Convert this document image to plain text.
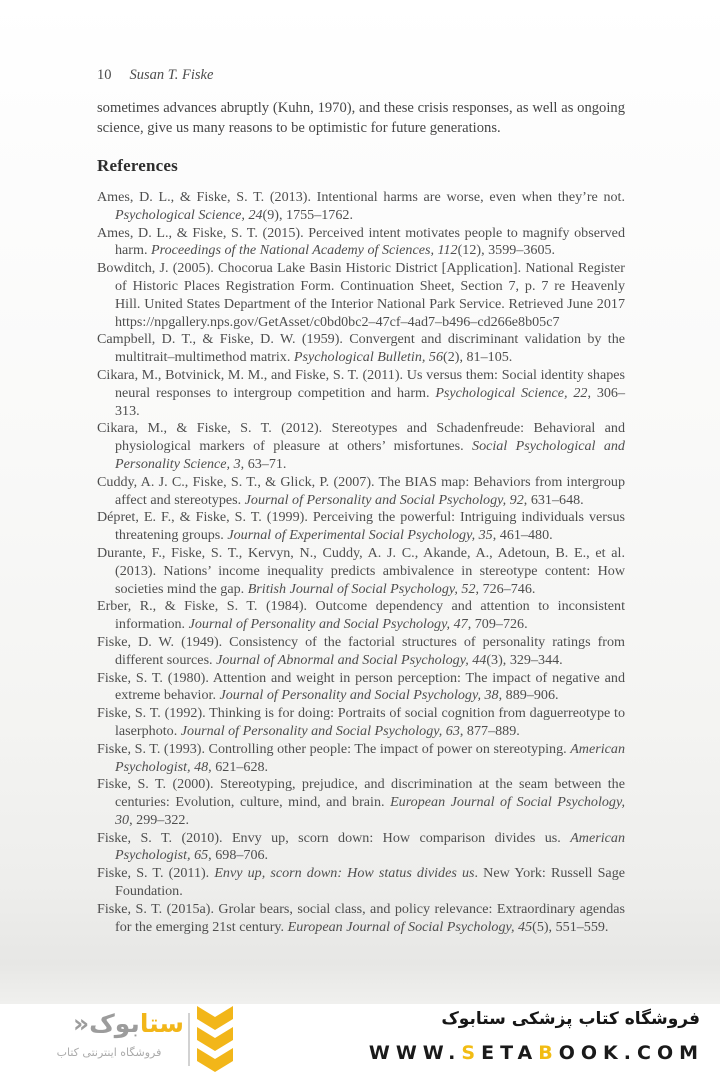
10 Susan T. Fiske

sometimes advances abruptly (Kuhn, 1970), and these crisis responses, as well as ongoing science, give us many reasons to be optimistic for future generations.

References

Ames, D. L., & Fiske, S. T. (2013). Intentional harms are worse, even when they’re not. Psychological Science, 24(9), 1755–1762.

Ames, D. L., & Fiske, S. T. (2015). Perceived intent motivates people to magnify observed harm. Proceedings of the National Academy of Sciences, 112(12), 3599–3605.

Bowditch, J. (2005). Chocorua Lake Basin Historic District [Application]. National Register of Historic Places Registration Form. Continuation Sheet, Section 7, p. 7 re Heavenly Hill. United States Department of the Interior National Park Service. Retrieved June 2017 https://npgallery.nps.gov/GetAsset/c0bd0bc2–47cf–4ad7–b496–cd266e8b05c7

Campbell, D. T., & Fiske, D. W. (1959). Convergent and discriminant validation by the multitrait–multimethod matrix. Psychological Bulletin, 56(2), 81–105.

Cikara, M., Botvinick, M. M., and Fiske, S. T. (2011). Us versus them: Social identity shapes neural responses to intergroup competition and harm. Psychological Science, 22, 306–313.

Cikara, M., & Fiske, S. T. (2012). Stereotypes and Schadenfreude: Behavioral and physiological markers of pleasure at others’ misfortunes. Social Psychological and Personality Science, 3, 63–71.

Cuddy, A. J. C., Fiske, S. T., & Glick, P. (2007). The BIAS map: Behaviors from intergroup affect and stereotypes. Journal of Personality and Social Psychology, 92, 631–648.

Dépret, E. F., & Fiske, S. T. (1999). Perceiving the powerful: Intriguing individuals versus threatening groups. Journal of Experimental Social Psychology, 35, 461–480.

Durante, F., Fiske, S. T., Kervyn, N., Cuddy, A. J. C., Akande, A., Adetoun, B. E., et al. (2013). Nations’ income inequality predicts ambivalence in stereotype content: How societies mind the gap. British Journal of Social Psychology, 52, 726–746.

Erber, R., & Fiske, S. T. (1984). Outcome dependency and attention to inconsistent information. Journal of Personality and Social Psychology, 47, 709–726.

Fiske, D. W. (1949). Consistency of the factorial structures of personality ratings from different sources. Journal of Abnormal and Social Psychology, 44(3), 329–344.

Fiske, S. T. (1980). Attention and weight in person perception: The impact of negative and extreme behavior. Journal of Personality and Social Psychology, 38, 889–906.

Fiske, S. T. (1992). Thinking is for doing: Portraits of social cognition from daguerreotype to laserphoto. Journal of Personality and Social Psychology, 63, 877–889.

Fiske, S. T. (1993). Controlling other people: The impact of power on stereotyping. American Psychologist, 48, 621–628.

Fiske, S. T. (2000). Stereotyping, prejudice, and discrimination at the seam between the centuries: Evolution, culture, mind, and brain. European Journal of Social Psychology, 30, 299–322.

Fiske, S. T. (2010). Envy up, scorn down: How comparison divides us. American Psychologist, 65, 698–706.

Fiske, S. T. (2011). Envy up, scorn down: How status divides us. New York: Russell Sage Foundation.

Fiske, S. T. (2015a). Grolar bears, social class, and policy relevance: Extraordinary agendas for the emerging 21st century. European Journal of Social Psychology, 45(5), 551–559.

فروشگاه کتاب پزشکی ستابوک
WWW.SETABOOK.COM
ستابوک«
فروشگاه اینترنتی کتاب
